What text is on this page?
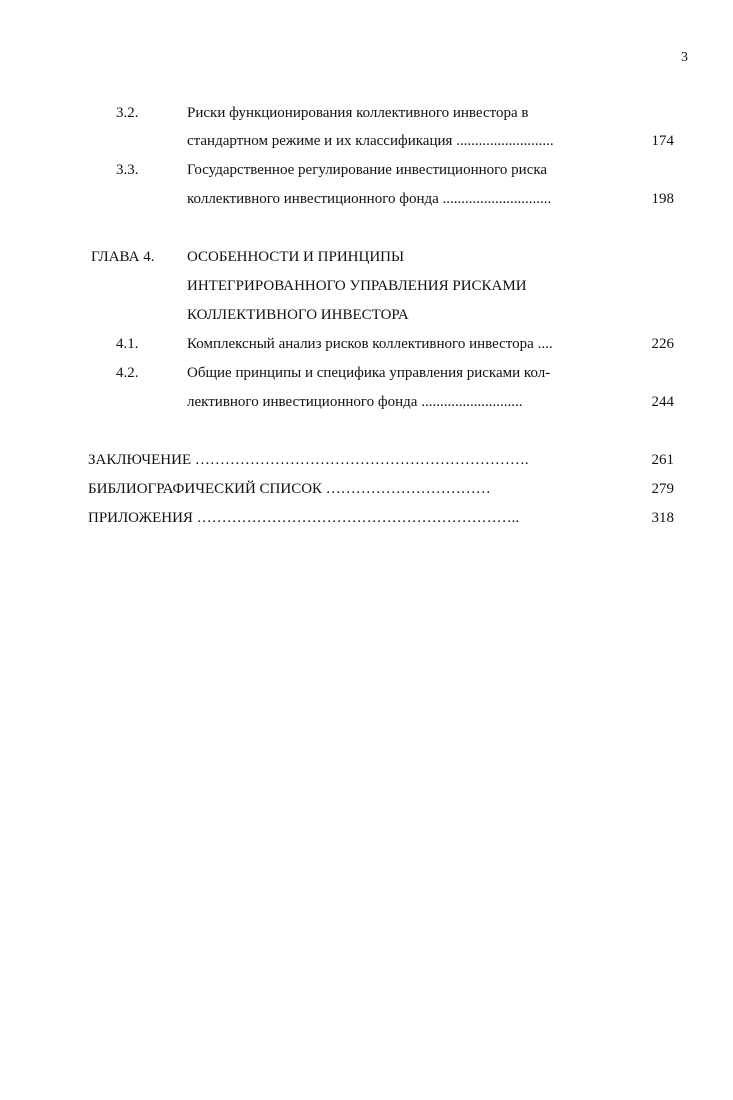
3
3.2.	Риски функционирования коллективного инвестора в
стандартном режиме и их классификация ..........................	174
3.3.	Государственное регулирование инвестиционного риска
коллективного инвестиционного фонда .............................	198
ГЛАВА 4. ОСОБЕННОСТИ И ПРИНЦИПЫ
ИНТЕГРИРОВАННОГО УПРАВЛЕНИЯ РИСКАМИ
КОЛЛЕКТИВНОГО ИНВЕСТОРА
4.1.	Комплексный анализ рисков коллективного инвестора ....	226
4.2.	Общие принципы и специфика управления рисками кол-
лективного инвестиционного фонда ...........................	244
ЗАКЛЮЧЕНИЕ ………………………………………………………….	261
БИБЛИОГРАФИЧЕСКИЙ СПИСОК ……………………………	279
ПРИЛОЖЕНИЯ ………………………………………………………..	318
